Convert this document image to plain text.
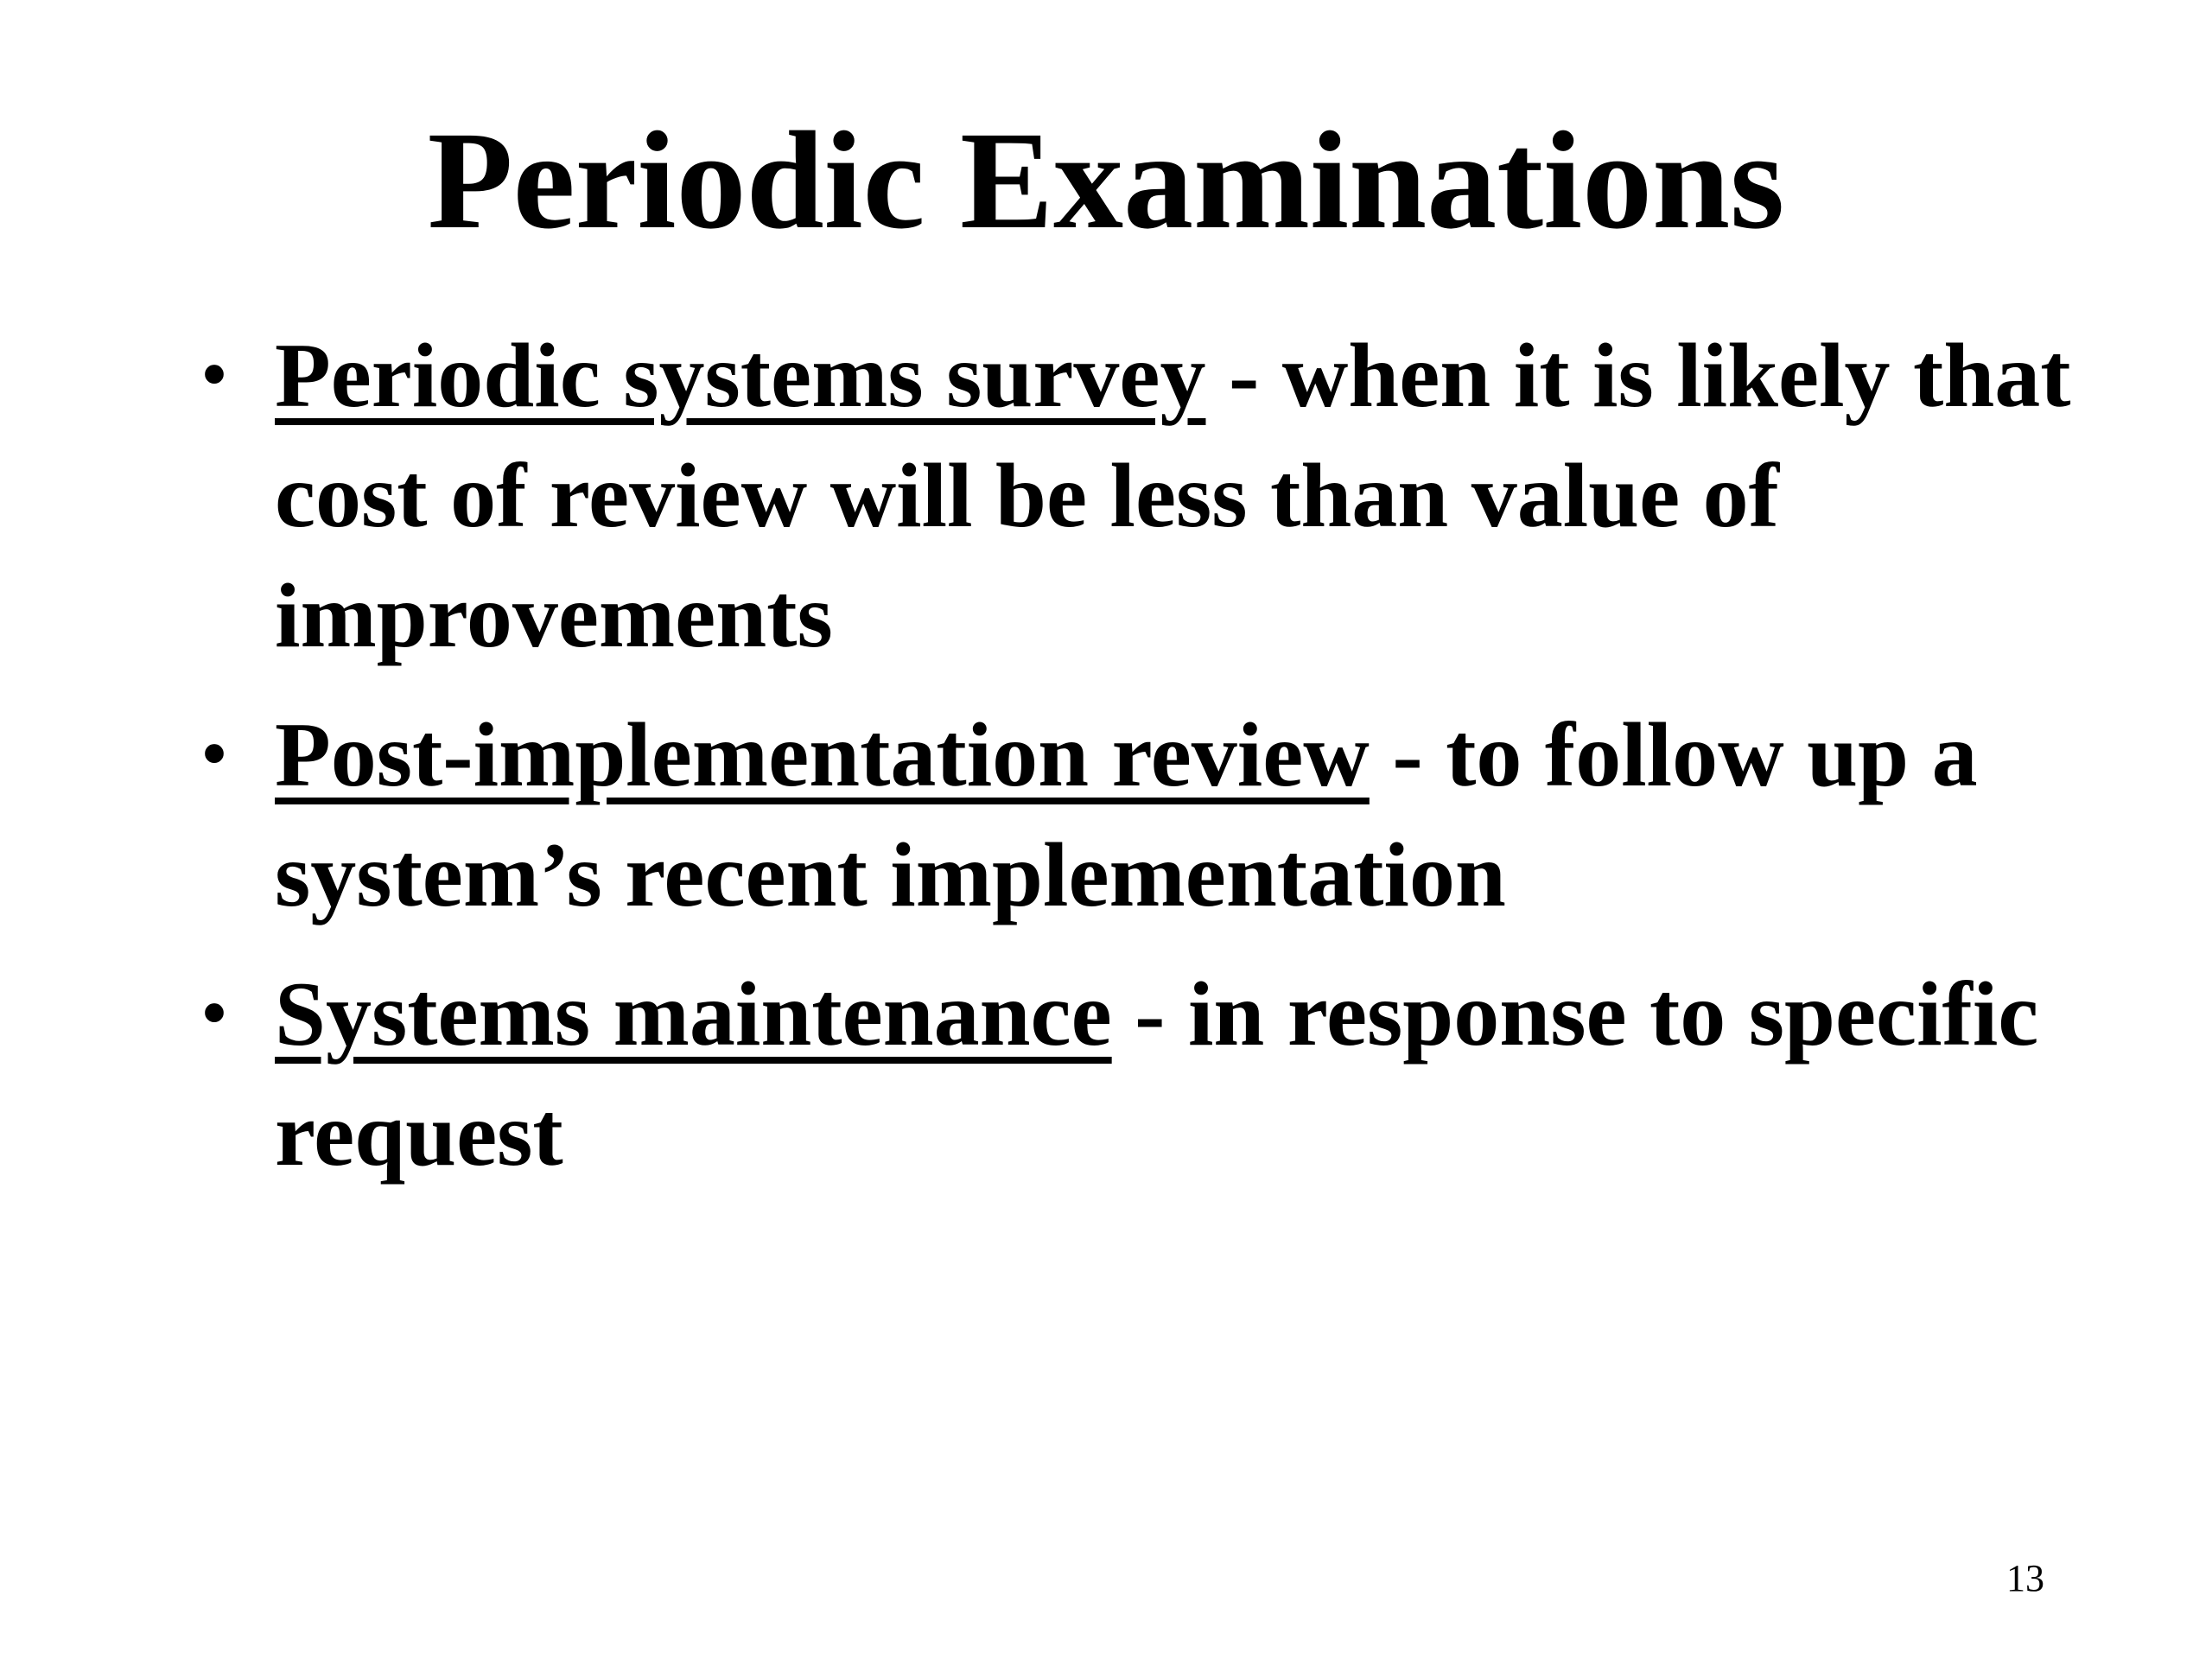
Periodic Examinations
• Periodic systems survey - when it is likely that cost of review will be less than value of improvements
• Post-implementation review - to follow up a system’s recent implementation
• Systems maintenance - in response to specific request
13
